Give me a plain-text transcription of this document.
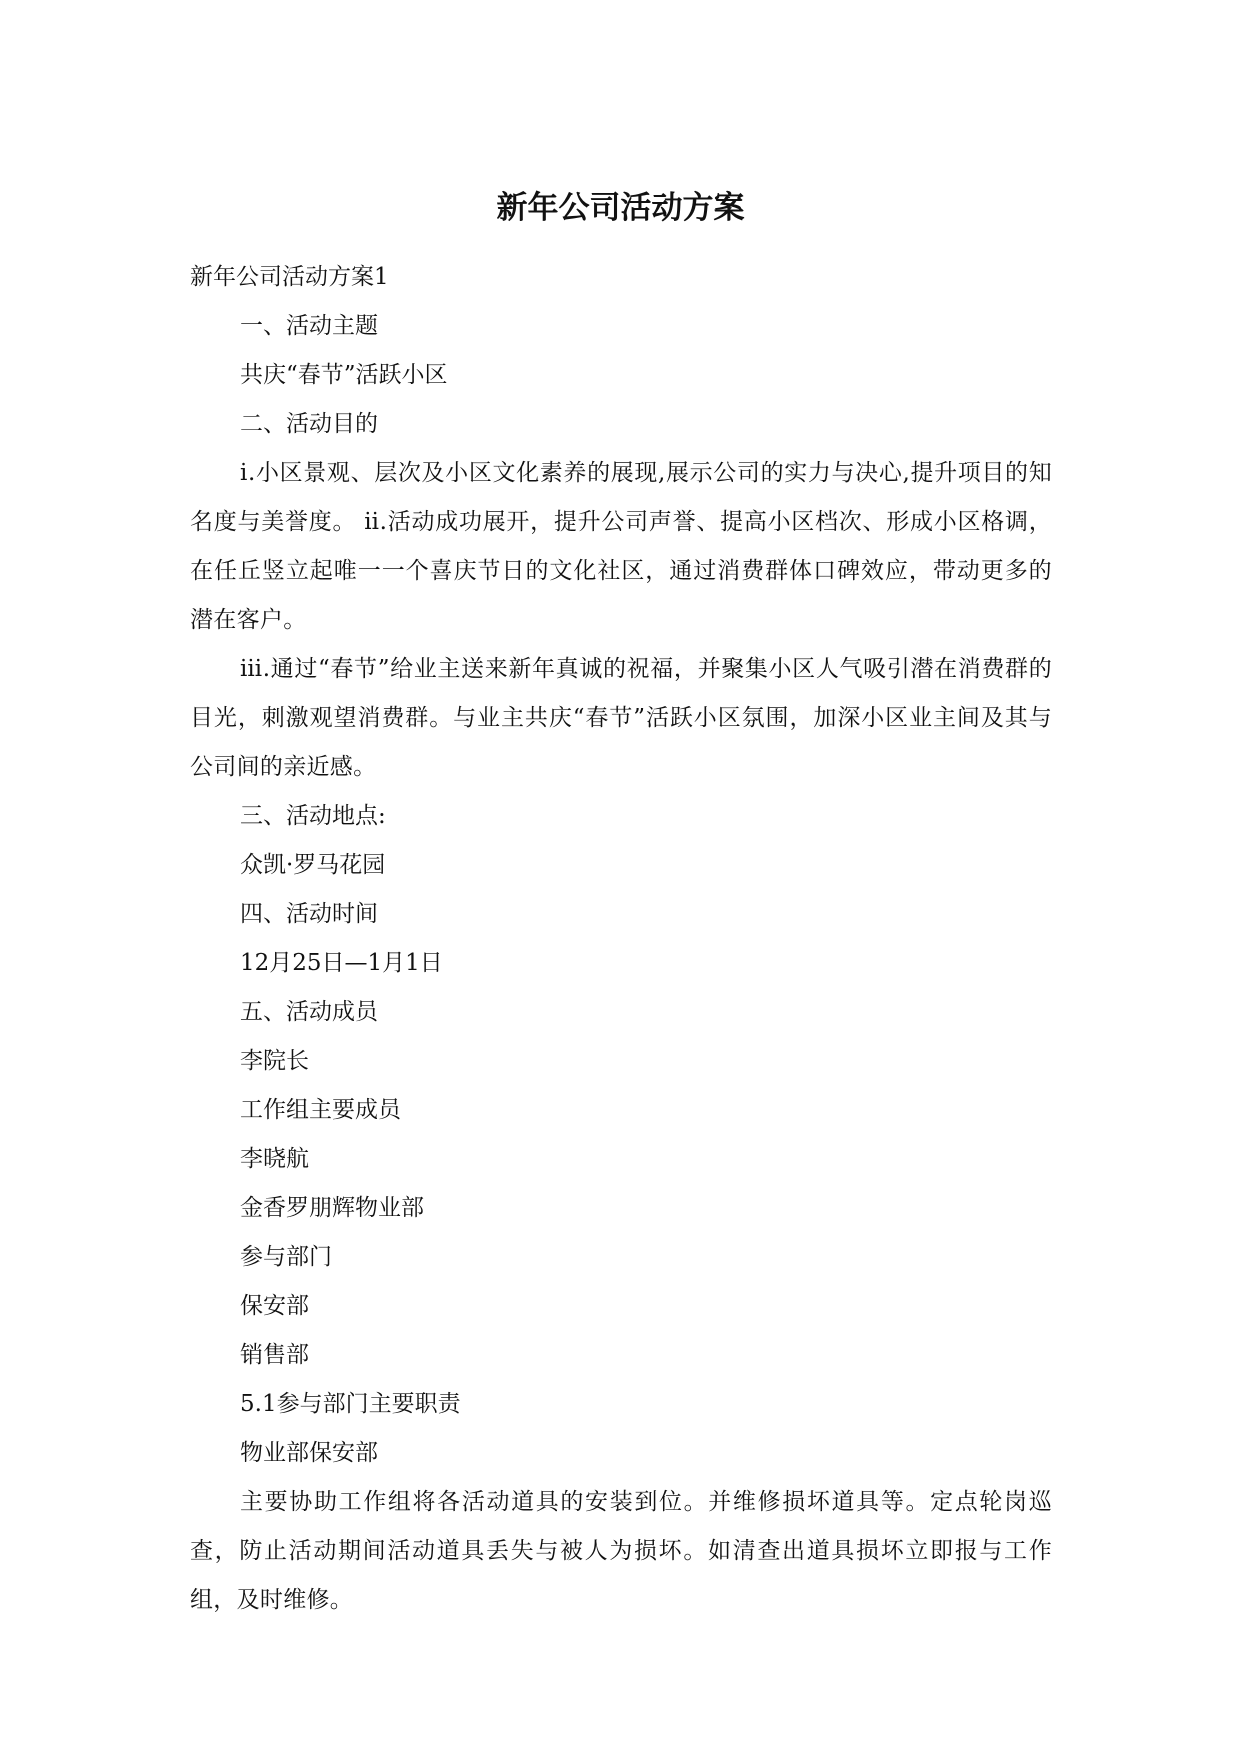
新年公司活动方案

新年公司活动方案1

一、活动主题

共庆“春节”活跃小区

二、活动目的

ⅰ.小区景观、层次及小区文化素养的展现,展示公司的实力与决心,提升项目的知名度与美誉度。 ⅱ.活动成功展开，提升公司声誉、提高小区档次、形成小区格调，在任丘竖立起唯一一个喜庆节日的文化社区，通过消费群体口碑效应，带动更多的潜在客户。

ⅲ.通过“春节”给业主送来新年真诚的祝福，并聚集小区人气吸引潜在消费群的目光，刺激观望消费群。与业主共庆“春节”活跃小区氛围，加深小区业主间及其与公司间的亲近感。

三、活动地点:

众凯·罗马花园

四、活动时间

12月25日—1月1日

五、活动成员

李院长

工作组主要成员

李晓航

金香罗朋辉物业部

参与部门

保安部

销售部

5.1参与部门主要职责

物业部保安部

主要协助工作组将各活动道具的安装到位。并维修损坏道具等。定点轮岗巡查，防止活动期间活动道具丢失与被人为损坏。如清查出道具损坏立即报与工作组，及时维修。
